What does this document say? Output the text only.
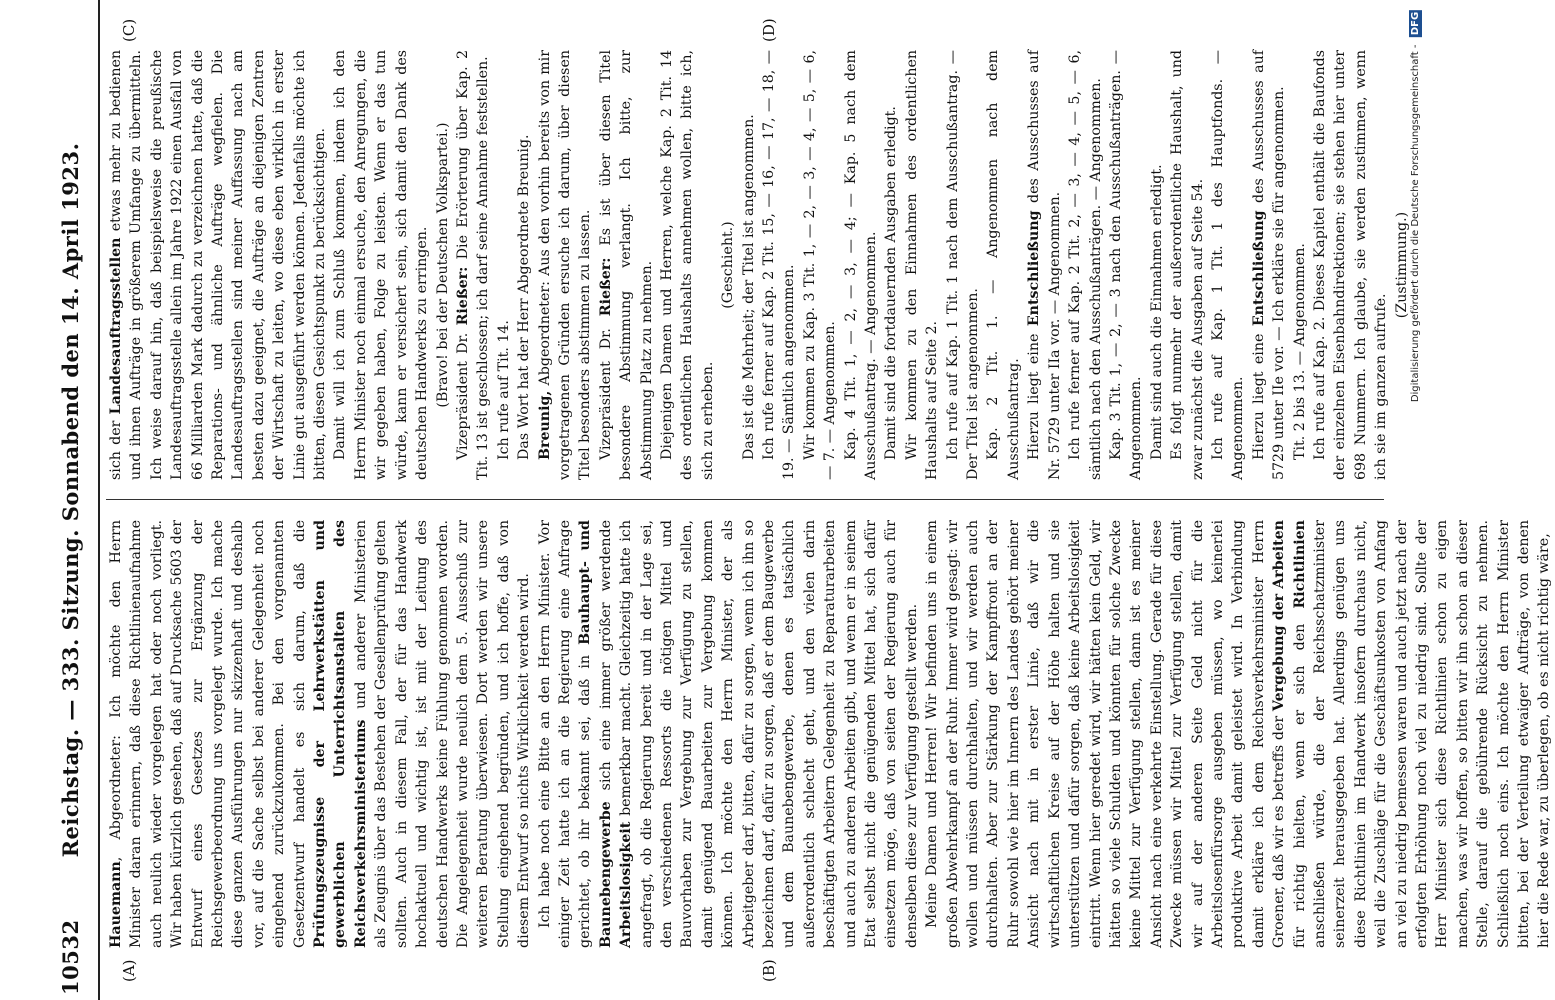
10532
Reichstag. — 333. Sitzung. Sonnabend den 14. April 1923.
(A)	(B)
(C)	(D)

Hauemann, Abgeordneter: Ich möchte den Herrn Minister daran erinnern, daß diese Richtlinienaufnahme auch neulich wieder vorgelegen hat oder noch vorliegt. Wir haben kürzlich gesehen, daß auf Drucksache 5603 der Entwurf eines Gesetzes zur Ergänzung der Reichsgewerbeordnung uns vorgelegt wurde. Ich mache diese ganzen Ausführungen nur skizzenhaft und deshalb vor, auf die Sache selbst bei anderer Gelegenheit noch eingehend zurückzukommen. Bei den vorgenannten Gesetzentwurf handelt es sich darum, daß die Prüfungszeugnisse der Lehrwerkstätten und gewerblichen Unterrichtsanstalten des Reichsverkehrsministeriums und anderer Ministerien als Zeugnis über das Bestehen der Gesellenprüfung gelten sollten. Auch in diesem Fall, der für das Handwerk hochaktuell und wichtig ist, ist mit der Leitung des deutschen Handwerks keine Fühlung genommen worden. Die Angelegenheit wurde neulich dem 5. Ausschuß zur weiteren Beratung überwiesen. Dort werden wir unsere Stellung eingehend begründen, und ich hoffe, daß von diesem Entwurf so nichts Wirklichkeit werden wird. Ich habe noch eine Bitte an den Herrn Minister. Vor einiger Zeit hatte ich an die Regierung eine Anfrage gerichtet, ob ihr bekannt sei, daß in Bauhaupt- und Baunebengewerbe sich eine immer größer werdende Arbeitslosigkeit bemerkbar macht. Gleichzeitig hatte ich angefragt, ob die Regierung bereit und in der Lage sei, den verschiedenen Ressorts die nötigen Mittel und Bauvorhaben zur Vergebung zur Verfügung zu stellen, damit genügend Bauarbeiten zur Vergebung kommen können. Ich möchte den Herrn Minister, der als Arbeitgeber darf, bitten, dafür zu sorgen, wenn ich ihn so bezeichnen darf, dafür zu sorgen, daß er dem Baugewerbe und dem Baunebengewerbe, denen es tatsächlich außerordentlich schlecht geht, und den vielen darin beschäftigten Arbeitern Gelegenheit zu Reparaturarbeiten und auch zu anderen Arbeiten gibt, und wenn er in seinem Etat selbst nicht die genügenden Mittel hat, sich dafür einsetzen möge, daß von seiten der Regierung auch für denselben diese zur Verfügung gestellt werden. Meine Damen und Herren! Wir befinden uns in einem großen Abwehrkampf an der Ruhr. Immer wird gesagt: wir wollen und müssen durchhalten, und wir werden auch durchhalten. Aber zur Stärkung der Kampffront an der Ruhr sowohl wie hier im Innern des Landes gehört meiner Ansicht nach mit in erster Linie, daß wir die wirtschaftlichen Kreise auf der Höhe halten und sie unterstützen und dafür sorgen, daß keine Arbeitslosigkeit eintritt. Wenn hier geredet wird, wir hätten kein Geld, wir hätten so viele Schulden und könnten für solche Zwecke keine Mittel zur Verfügung stellen, dann ist es meiner Ansicht nach eine verkehrte Einstellung. Gerade für diese Zwecke müssen wir Mittel zur Verfügung stellen, damit wir auf der anderen Seite Geld nicht für die Arbeitslosenfürsorge ausgeben müssen, wo keinerlei produktive Arbeit damit geleistet wird. In Verbindung damit erkläre ich dem Reichsverkehrsminister Herrn Groener, daß wir es betreffs der Vergebung der Arbeiten für richtig hielten, wenn er sich den Richtlinien anschließen würde, die der Reichsschatzminister seinerzeit herausgegeben hat. Allerdings genügen uns diese Richtlinien im Handwerk insofern durchaus nicht, weil die Zuschläge für die Geschäftsunkosten von Anfang an viel zu niedrig bemessen waren und auch jetzt nach der erfolgten Erhöhung noch viel zu niedrig sind. Sollte der Herr Minister sich diese Richtlinien schon zu eigen machen, was wir hoffen, so bitten wir ihn schon an dieser Stelle, darauf die gebührende Rücksicht zu nehmen. Schließlich noch eins. Ich möchte den Herrn Minister bitten, bei der Verteilung etwaiger Aufträge, von denen hier die Rede war, zu überlegen, ob es nicht richtig wäre,

sich der Landesauftragsstellen etwas mehr zu bedienen und ihnen Aufträge in größerem Umfange zu übermitteln. Ich weise darauf hin, daß beispielsweise die preußische Landesauftragsstelle allein im Jahre 1922 einen Ausfall von 66 Milliarden Mark dadurch zu verzeichnen hatte, daß die Reparations- und ähnliche Aufträge wegfielen. Die Landesauftragsstellen sind meiner Auffassung nach am besten dazu geeignet, die Aufträge an diejenigen Zentren der Wirtschaft zu leiten, wo diese eben wirklich in erster Linie gut ausgeführt werden können. Jedenfalls möchte ich bitten, diesen Gesichtspunkt zu berücksichtigen. Damit will ich zum Schluß kommen, indem ich den Herrn Minister noch einmal ersuche, den Anregungen, die wir gegeben haben, Folge zu leisten. Wenn er das tun würde, kann er versichert sein, sich damit den Dank des deutschen Handwerks zu erringen. (Bravo! bei der Deutschen Volkspartei.) Vizepräsident Dr. Rießer: Die Erörterung über Kap. 2 Tit. 13 ist geschlossen; ich darf seine Annahme feststellen. Ich rufe auf Tit. 14. Das Wort hat der Herr Abgeordnete Breunig. Breunig, Abgeordneter: Aus den vorhin bereits von mir vorgetragenen Gründen ersuche ich darum, über diesen Titel besonders abstimmen zu lassen. Vizepräsident Dr. Rießer: Es ist über diesen Titel besondere Abstimmung verlangt. Ich bitte, zur Abstimmung Platz zu nehmen. Diejenigen Damen und Herren, welche Kap. 2 Tit. 14 des ordentlichen Haushalts annehmen wollen, bitte ich, sich zu erheben.

(Geschieht.) Das ist die Mehrheit; der Titel ist angenommen. Ich rufe ferner auf Kap. 2 Tit. 15, — 16, — 17, — 18, — 19. — Sämtlich angenommen. Wir kommen zu Kap. 3 Tit. 1, — 2, — 3, — 4, — 5, — 6, — 7. — Angenommen. Kap. 4 Tit. 1, — 2, — 3, — 4; — Kap. 5 nach dem Ausschußantrag. — Angenommen. Damit sind die fortdauernden Ausgaben erledigt. Wir kommen zu den Einnahmen des ordentlichen Haushalts auf Seite 2. Ich rufe auf Kap. 1 Tit. 1 nach dem Ausschußantrag. — Der Titel ist angenommen. Kap. 2 Tit. 1. — Angenommen nach dem Ausschußantrag. Hierzu liegt eine Entschließung des Ausschusses auf Nr. 5729 unter IIa vor. — Angenommen. Ich rufe ferner auf Kap. 2 Tit. 2, — 3, — 4, — 5, — 6, sämtlich nach den Ausschußanträgen. — Angenommen. Kap. 3 Tit. 1, — 2, — 3 nach den Ausschußanträgen. — Angenommen. Damit sind auch die Einnahmen erledigt. Es folgt nunmehr der außerordentliche Haushalt, und zwar zunächst die Ausgaben auf Seite 54. Ich rufe auf Kap. 1 Tit. 1 des Hauptfonds. — Angenommen. Hierzu liegt eine Entschließung des Ausschusses auf 5729 unter IIe vor. — Ich erkläre sie für angenommen. Tit. 2 bis 13. — Angenommen. Ich rufe auf Kap. 2. Dieses Kapitel enthält die Baufonds der einzelnen Eisenbahndirektionen; sie stehen hier unter 698 Nummern. Ich glaube, sie werden zustimmen, wenn ich sie im ganzen aufrufe.

(Zustimmung.) Digitalisierung gefördert durch die Deutsche Forschungsgemeinschaft - DFG
